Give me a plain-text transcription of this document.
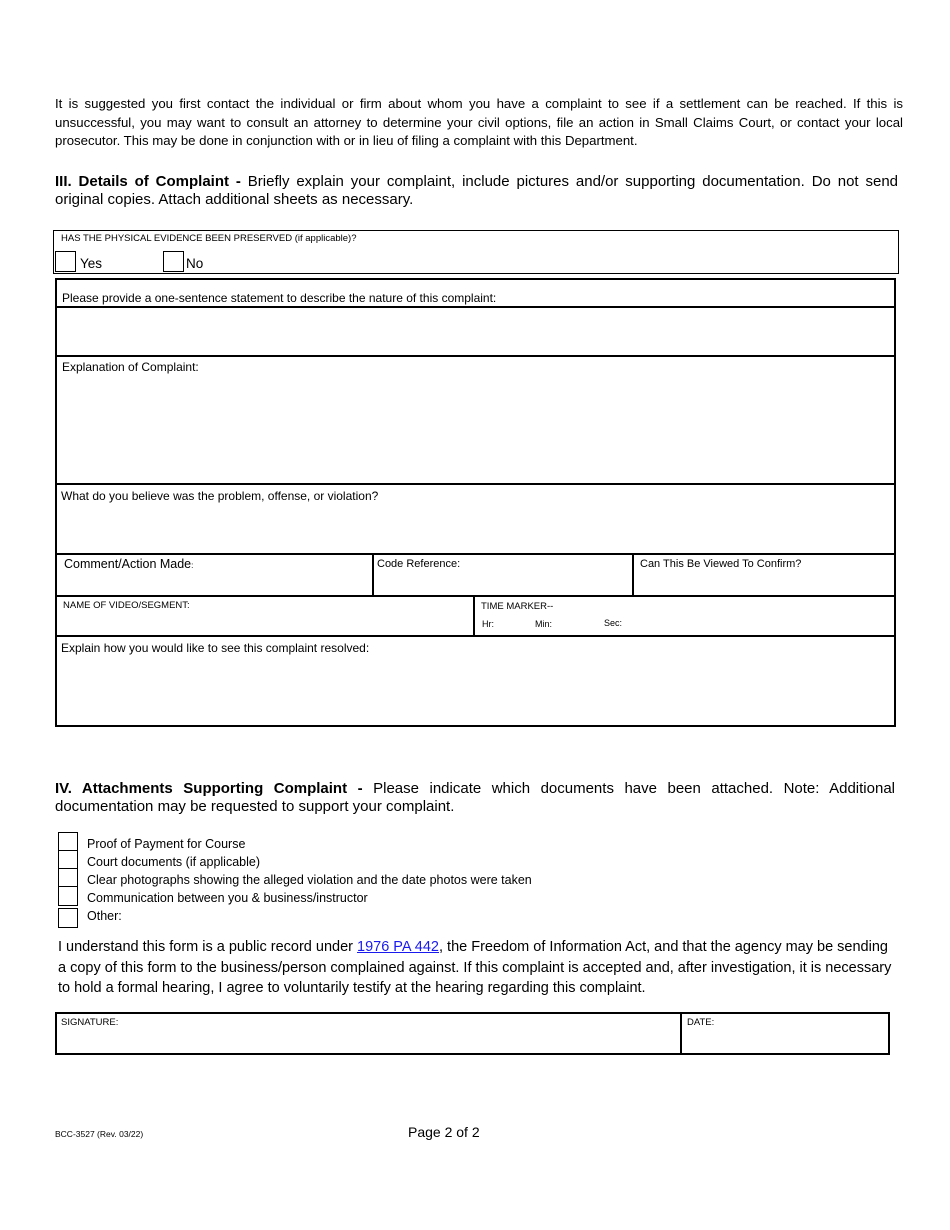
It is suggested you first contact the individual or firm about whom you have a complaint to see if a settlement can be reached. If this is unsuccessful, you may want to consult an attorney to determine your civil options, file an action in Small Claims Court, or contact your local prosecutor. This may be done in conjunction with or in lieu of filing a complaint with this Department.
III. Details of Complaint - Briefly explain your complaint, include pictures and/or supporting documentation. Do not send original copies. Attach additional sheets as necessary.
HAS THE PHYSICAL EVIDENCE BEEN PRESERVED (if applicable)?
Yes	No
Please provide a one-sentence statement to describe the nature of this complaint:
Explanation of Complaint:
What do you believe was the problem, offense, or violation?
Comment/Action Made:	Code Reference:	Can This Be Viewed To Confirm?
NAME OF VIDEO/SEGMENT:	TIME MARKER--
Hr:	Min:	Sec:
Explain how you would like to see this complaint resolved:
IV. Attachments Supporting Complaint - Please indicate which documents have been attached. Note: Additional documentation may be requested to support your complaint.
Proof of Payment for Course
Court documents (if applicable)
Clear photographs showing the alleged violation and the date photos were taken
Communication between you & business/instructor
Other:
I understand this form is a public record under 1976 PA 442, the Freedom of Information Act, and that the agency may be sending a copy of this form to the business/person complained against. If this complaint is accepted and, after investigation, it is necessary to hold a formal hearing, I agree to voluntarily testify at the hearing regarding this complaint.
SIGNATURE:	DATE:
BCC-3527 (Rev. 03/22)	Page 2 of 2
